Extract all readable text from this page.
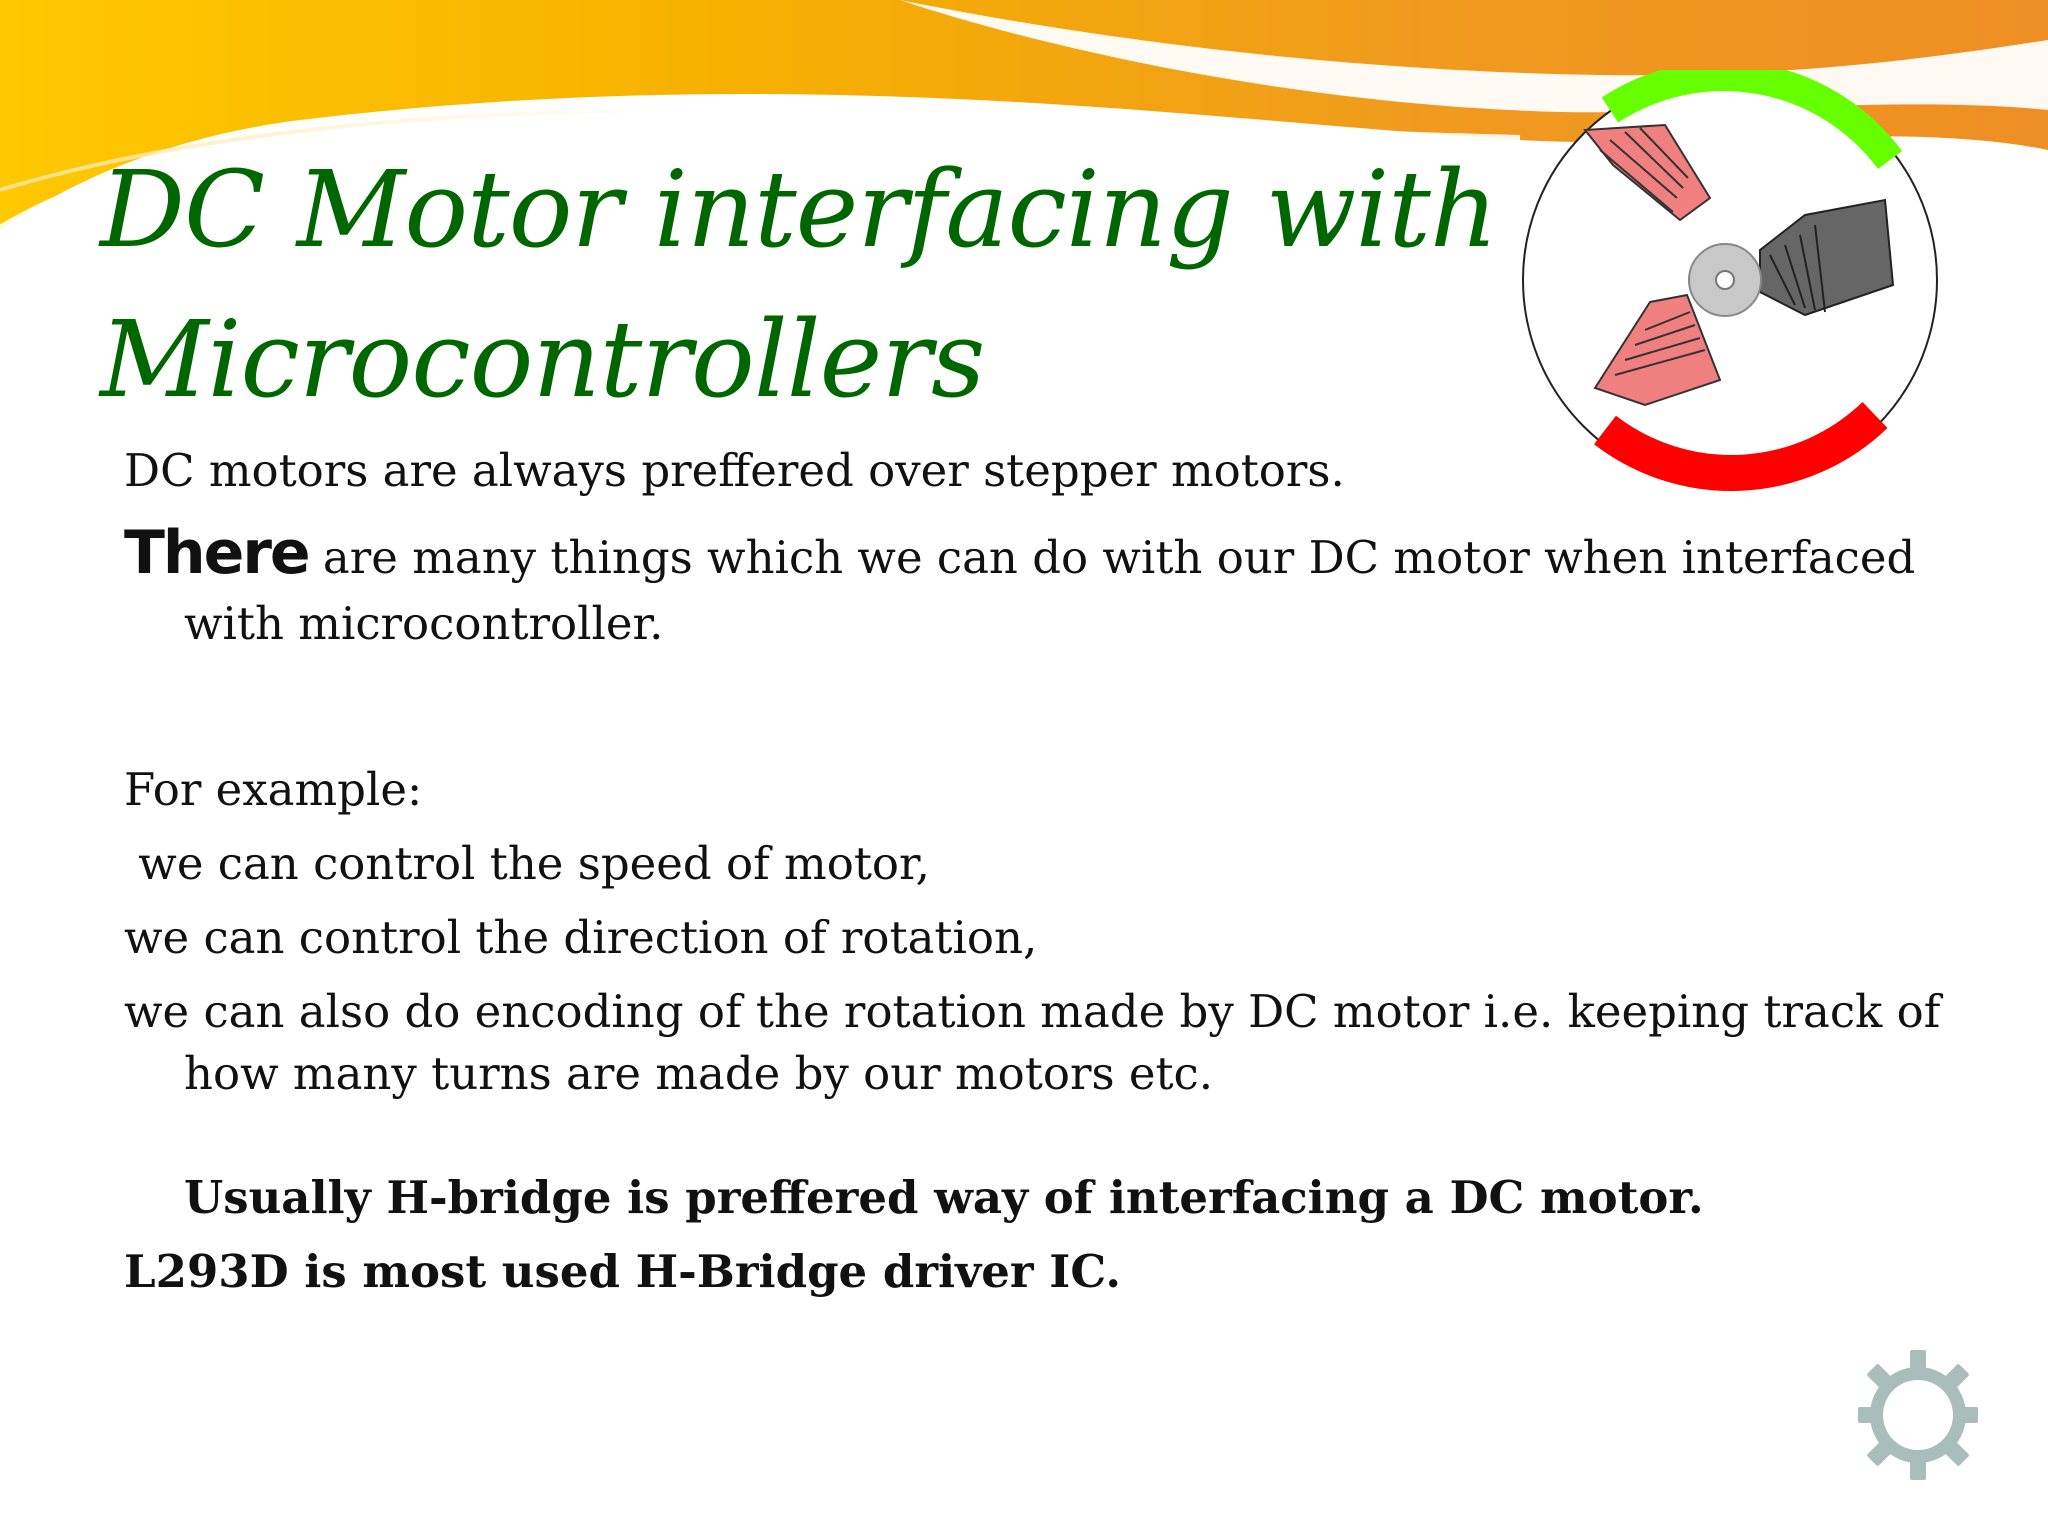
DC Motor interfacing with
Microcontrollers

DC motors are always preffered over stepper motors.

There are many things which we can do with our DC motor when interfaced with microcontroller.

For example:

we can control the speed of motor,

we can control the direction of rotation,

we can also do encoding of the rotation made by DC motor i.e. keeping track of how many turns are made by our motors etc.

Usually H-bridge is preffered way of interfacing a DC motor.

L293D is most used H-Bridge driver IC.
